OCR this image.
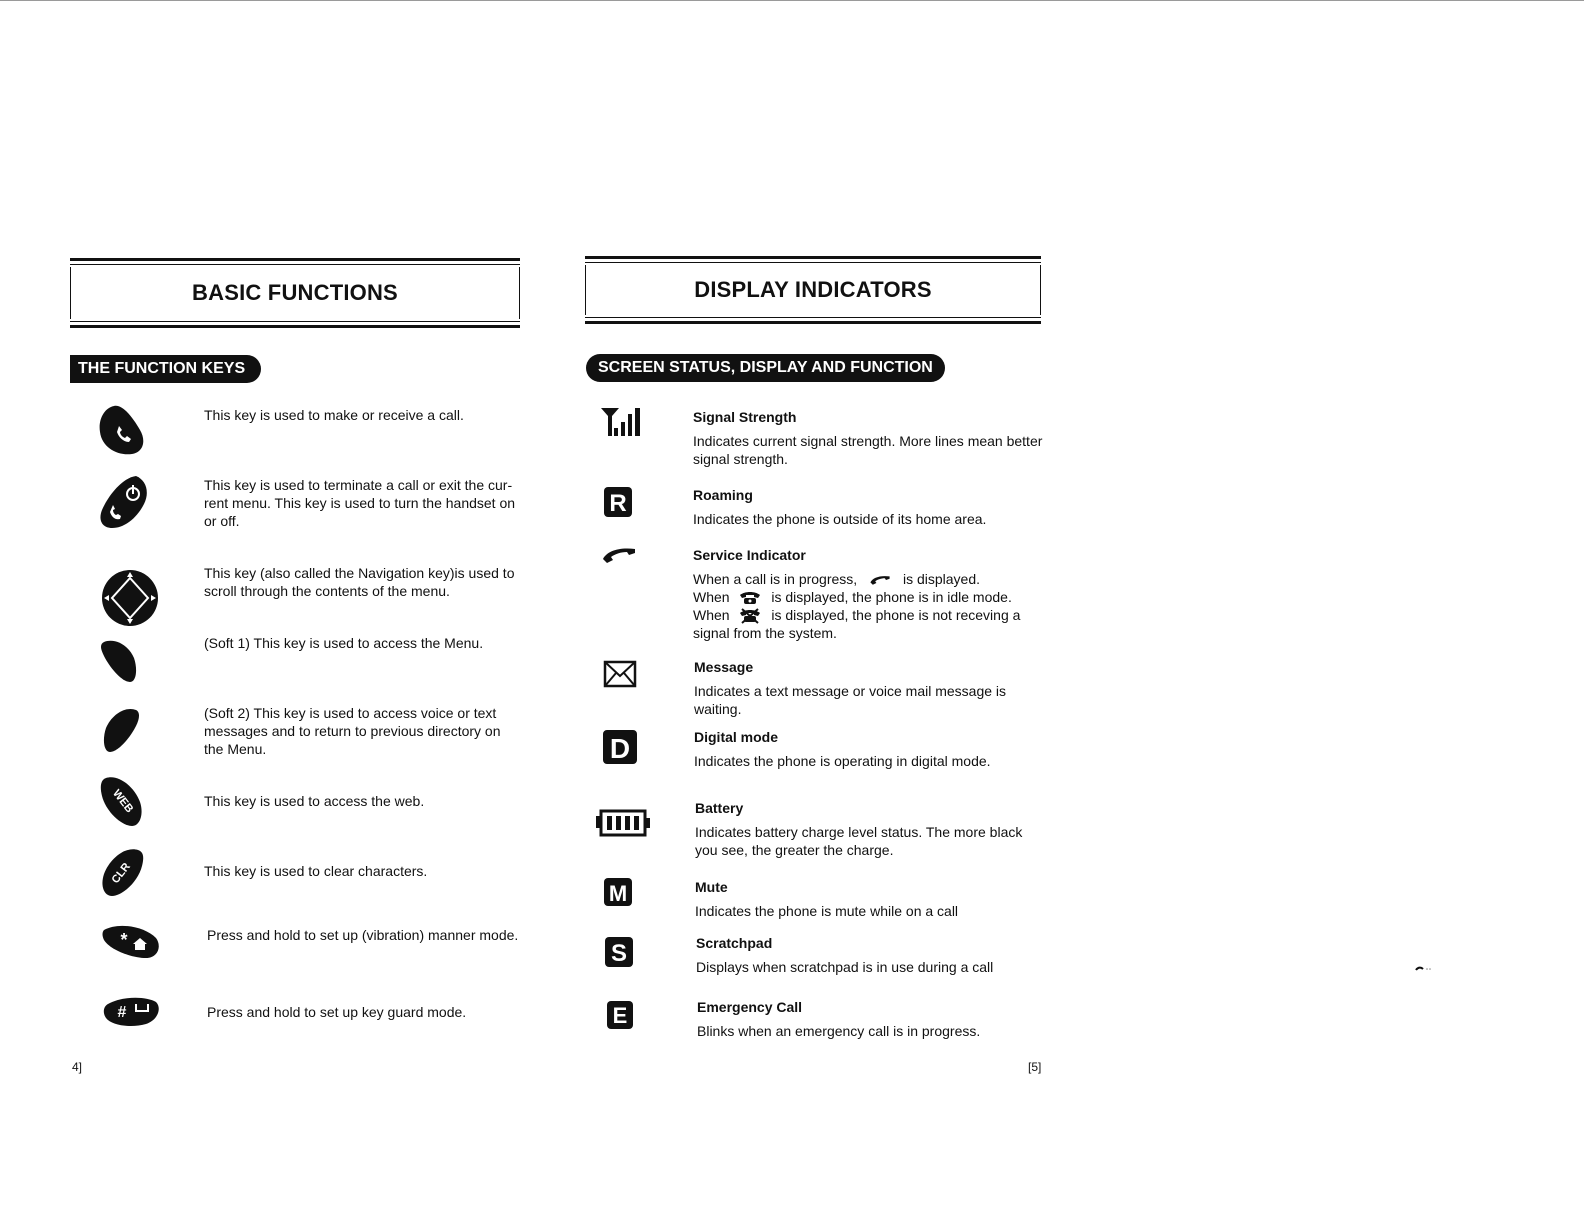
BASIC FUNCTIONS
THE FUNCTION KEYS
This key is used to make or receive a call.
This key is used to terminate a call or exit the cur- rent menu. This key is used to turn the handset on or off.
This key (also called the Navigation key)is used to scroll through the contents of the menu.
(Soft 1) This key is used to access the Menu.
(Soft 2) This key is used to access voice or text messages and to return to previous directory on the Menu.
WEB	This key is used to access the web.
CLR	This key is used to clear characters.
*	Press and hold to set up (vibration) manner mode.
#	Press and hold to set up key guard mode.
4]
DISPLAY INDICATORS
SCREEN STATUS, DISPLAY AND FUNCTION
Signal Strength
Indicates current signal strength. More lines mean better signal strength.
R	Roaming
Indicates the phone is outside of its home area.
Service Indicator
When a call is in progress,	is displayed.
When	is displayed, the phone is in idle mode.
When	is displayed, the phone is not receving a signal from the system.
Message
Indicates a text message or voice mail message is waiting.
D	Digital mode
Indicates the phone is operating in digital mode.
Battery
Indicates battery charge level status. The more black you see, the greater the charge.
M	Mute
Indicates the phone is mute while on a call
S	Scratchpad
Displays when scratchpad is in use during a call
E	Emergency Call
Blinks when an emergency call is in progress.
[5]
